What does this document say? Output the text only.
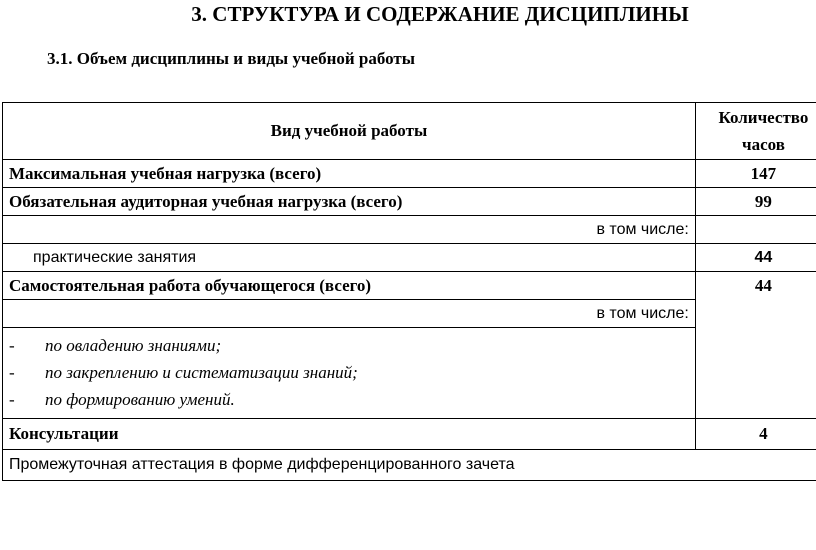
3. СТРУКТУРА И СОДЕРЖАНИЕ ДИСЦИПЛИНЫ
3.1. Объем дисциплины и виды учебной работы
Вид учебной работы	Количество
часов

Максимальная учебная нагрузка (всего)	147
Обязательная аудиторная учебная нагрузка (всего)	99
в том числе:	
практические занятия	44
Самостоятельная работа обучающегося (всего)	44

в том числе:	

- по овладению знаниями;
- по закреплению и систематизации знаний;
- по формированию умений.	

Консультации	4
Промежуточная аттестация в форме дифференцированного зачета	
